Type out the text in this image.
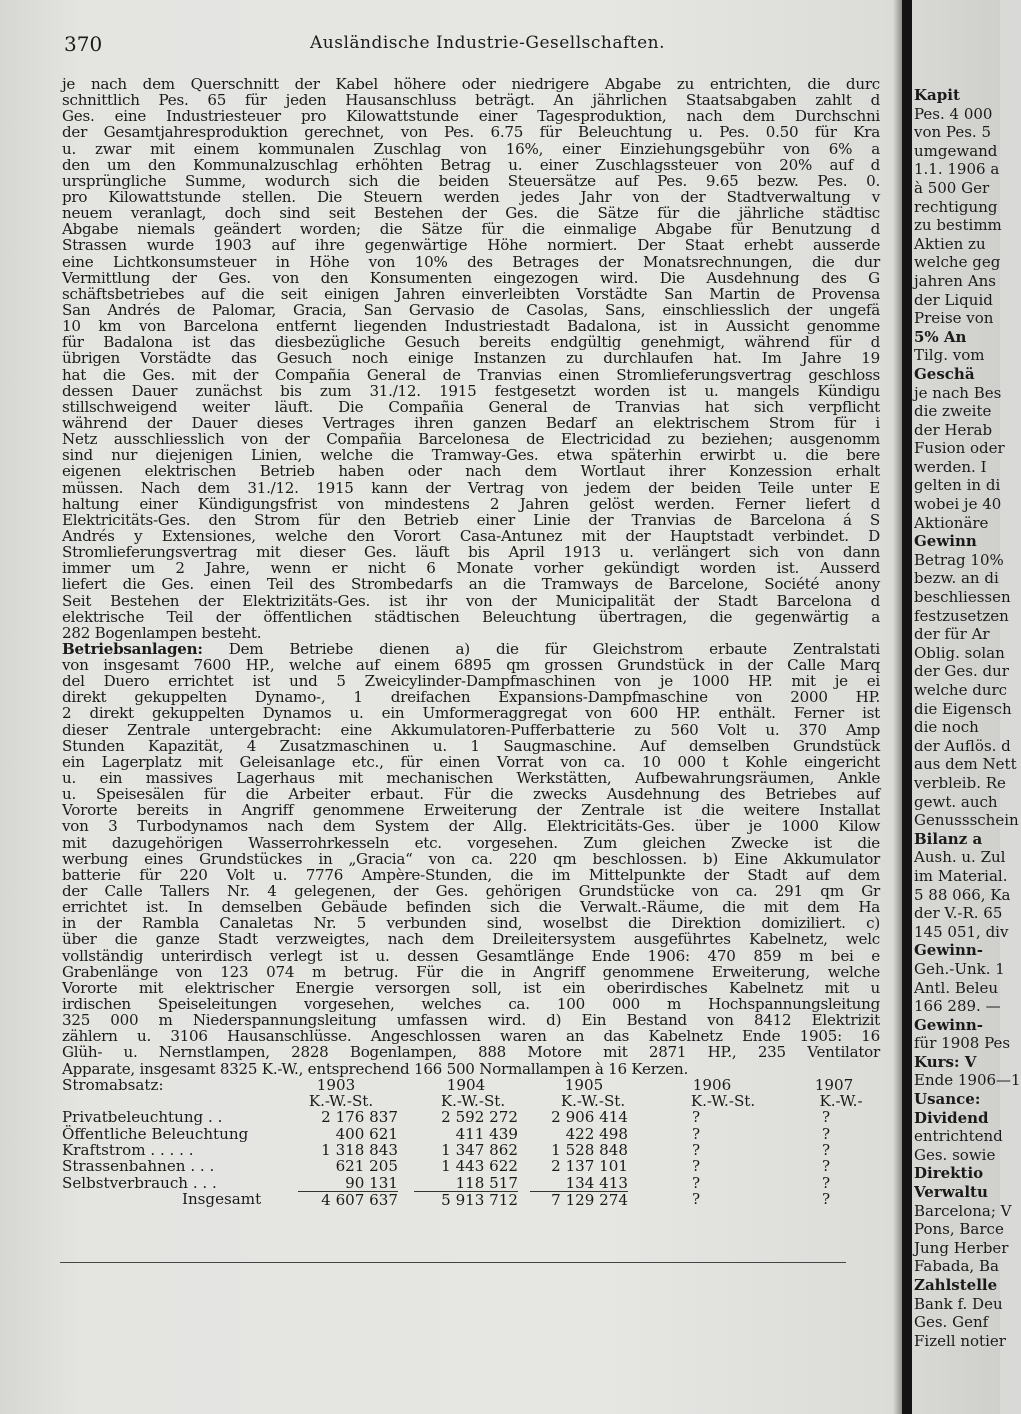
370	Ausländische Industrie-Gesellschaften.
je nach dem Querschnitt der Kabel höhere oder niedrigere Abgabe zu entrichten, die durc
schnittlich Pes. 65 für jeden Hausanschluss beträgt. An jährlichen Staatsabgaben zahlt d
Ges. eine Industriesteuer pro Kilowattstunde einer Tagesproduktion, nach dem Durchschni
der Gesamtjahresproduktion gerechnet, von Pes. 6.75 für Beleuchtung u. Pes. 0.50 für Kra
u. zwar mit einem kommunalen Zuschlag von 16%, einer Einziehungsgebühr von 6% a
den um den Kommunalzuschlag erhöhten Betrag u. einer Zuschlagssteuer von 20% auf d
ursprüngliche Summe, wodurch sich die beiden Steuersätze auf Pes. 9.65 bezw. Pes. 0.
pro Kilowattstunde stellen. Die Steuern werden jedes Jahr von der Stadtverwaltung v
neuem veranlagt, doch sind seit Bestehen der Ges. die Sätze für die jährliche städtisc
Abgabe niemals geändert worden; die Sätze für die einmalige Abgabe für Benutzung d
Strassen wurde 1903 auf ihre gegenwärtige Höhe normiert. Der Staat erhebt ausserde
eine Lichtkonsumsteuer in Höhe von 10% des Betrages der Monatsrechnungen, die dur
Vermittlung der Ges. von den Konsumenten eingezogen wird. Die Ausdehnung des G
schäftsbetriebes auf die seit einigen Jahren einverleibten Vorstädte San Martin de Provensa
San Andrés de Palomar, Gracia, San Gervasio de Casolas, Sans, einschliesslich der ungefä
10 km von Barcelona entfernt liegenden Industriestadt Badalona, ist in Aussicht genomme
für Badalona ist das diesbezügliche Gesuch bereits endgültig genehmigt, während für d
übrigen Vorstädte das Gesuch noch einige Instanzen zu durchlaufen hat. Im Jahre 19
hat die Ges. mit der Compañia General de Tranvias einen Stromlieferungsvertrag geschloss
dessen Dauer zunächst bis zum 31./12. 1915 festgesetzt worden ist u. mangels Kündigu
stillschweigend weiter läuft. Die Compañia General de Tranvias hat sich verpflicht
während der Dauer dieses Vertrages ihren ganzen Bedarf an elektrischem Strom für i
Netz ausschliesslich von der Compañia Barcelonesa de Electricidad zu beziehen; ausgenomm
sind nur diejenigen Linien, welche die Tramway-Ges. etwa späterhin erwirbt u. die bere
eigenen elektrischen Betrieb haben oder nach dem Wortlaut ihrer Konzession erhalt
müssen. Nach dem 31./12. 1915 kann der Vertrag von jedem der beiden Teile unter E
haltung einer Kündigungsfrist von mindestens 2 Jahren gelöst werden. Ferner liefert d
Elektricitäts-Ges. den Strom für den Betrieb einer Linie der Tranvias de Barcelona á S
Andrés y Extensiones, welche den Vorort Casa-Antunez mit der Hauptstadt verbindet. D
Stromlieferungsvertrag mit dieser Ges. läuft bis April 1913 u. verlängert sich von dann
immer um 2 Jahre, wenn er nicht 6 Monate vorher gekündigt worden ist. Ausserd
liefert die Ges. einen Teil des Strombedarfs an die Tramways de Barcelone, Société anony
Seit Bestehen der Elektrizitäts-Ges. ist ihr von der Municipalität der Stadt Barcelona d
elektrische Teil der öffentlichen städtischen Beleuchtung übertragen, die gegenwärtig a
282 Bogenlampen besteht.
Betriebsanlagen: Dem Betriebe dienen a) die für Gleichstrom erbaute Zentralstati
von insgesamt 7600 HP., welche auf einem 6895 qm grossen Grundstück in der Calle Marq
del Duero errichtet ist und 5 Zweicylinder-Dampfmaschinen von je 1000 HP. mit je ei
direkt gekuppelten Dynamo-, 1 dreifachen Expansions-Dampfmaschine von 2000 HP.
2 direkt gekuppelten Dynamos u. ein Umformeraggregat von 600 HP. enthält. Ferner ist
dieser Zentrale untergebracht: eine Akkumulatoren-Pufferbatterie zu 560 Volt u. 370 Amp
Stunden Kapazität, 4 Zusatzmaschinen u. 1 Saugmaschine. Auf demselben Grundstück
ein Lagerplatz mit Geleisanlage etc., für einen Vorrat von ca. 10 000 t Kohle eingericht
u. ein massives Lagerhaus mit mechanischen Werkstätten, Aufbewahrungsräumen, Ankle
u. Speisesälen für die Arbeiter erbaut. Für die zwecks Ausdehnung des Betriebes auf
Vororte bereits in Angriff genommene Erweiterung der Zentrale ist die weitere Installat
von 3 Turbodynamos nach dem System der Allg. Elektricitäts-Ges. über je 1000 Kilow
mit dazugehörigen Wasserrohrkesseln etc. vorgesehen. Zum gleichen Zwecke ist die
werbung eines Grundstückes in „Gracia“ von ca. 220 qm beschlossen. b) Eine Akkumulator
batterie für 220 Volt u. 7776 Ampère-Stunden, die im Mittelpunkte der Stadt auf dem
der Calle Tallers Nr. 4 gelegenen, der Ges. gehörigen Grundstücke von ca. 291 qm Gr
errichtet ist. In demselben Gebäude befinden sich die Verwalt.-Räume, die mit dem Ha
in der Rambla Canaletas Nr. 5 verbunden sind, woselbst die Direktion domiziliert. c)
über die ganze Stadt verzweigtes, nach dem Dreileitersystem ausgeführtes Kabelnetz, welc
vollständig unterirdisch verlegt ist u. dessen Gesamtlänge Ende 1906: 470 859 m bei e
Grabenlänge von 123 074 m betrug. Für die in Angriff genommene Erweiterung, welche
Vororte mit elektrischer Energie versorgen soll, ist ein oberirdisches Kabelnetz mit u
irdischen Speiseleitungen vorgesehen, welches ca. 100 000 m Hochspannungsleitung
325 000 m Niederspannungsleitung umfassen wird. d) Ein Bestand von 8412 Elektrizit
zählern u. 3106 Hausanschlüsse. Angeschlossen waren an das Kabelnetz Ende 1905: 16
Glüh- u. Nernstlampen, 2828 Bogenlampen, 888 Motore mit 2871 HP., 235 Ventilator
Apparate, insgesamt 8325 K.-W., entsprechend 166 500 Normallampen à 16 Kerzen.
Stromabsatz:	1903	1904	1905	1906	1907
K.-W.-St.	K.-W.-St.	K.-W.-St.	K.-W.-St.	K.-W.-
Privatbeleuchtung . .	2 176 837	2 592 272	2 906 414	?	?
Öffentliche Beleuchtung	400 621	411 439	422 498	?	?
Kraftstrom . . . . .	1 318 843	1 347 862	1 528 848	?	?
Strassenbahnen . . .	621 205	1 443 622	2 137 101	?	?
Selbstverbrauch . . .	90 131	118 517	134 413	?	?
Insgesamt	4 607 637	5 913 712	7 129 274	?	?
Kapit
Pes. 4 000
von Pes. 5
umgewand
1.1. 1906 a
à 500 Ger
rechtigung
zu bestimm
Aktien zu
welche geg
jahren Ans
der Liquid
Preise von
5% An
Tilg. vom
Geschä
je nach Bes
die zweite
der Herab
Fusion oder
werden. I
gelten in di
wobei je 40
Aktionäre
Gewinn
Betrag 10%
bezw. an di
beschliessen
festzusetzen
der für Ar
Oblig. solan
der Ges. dur
welche durc
die Eigensch
die noch
der Auflös. d
aus dem Nett
verbleib. Re
gewt. auch
Genussschein
Bilanz a
Aush. u. Zul
im Material.
5 88 066, Ka
der V.-R. 65
145 051, div
Gewinn-
Geh.-Unk. 1
Antl. Beleu
166 289. —
Gewinn-
für 1908 Pes
Kurs: V
Ende 1906—1
Usance:
Dividend
entrichtend
Ges. sowie
Direktio
Verwaltu
Barcelona; V
Pons, Barce
Jung Herber
Fabada, Ba
Zahlstelle
Bank f. Deu
Ges. Genf
Fizell notier
